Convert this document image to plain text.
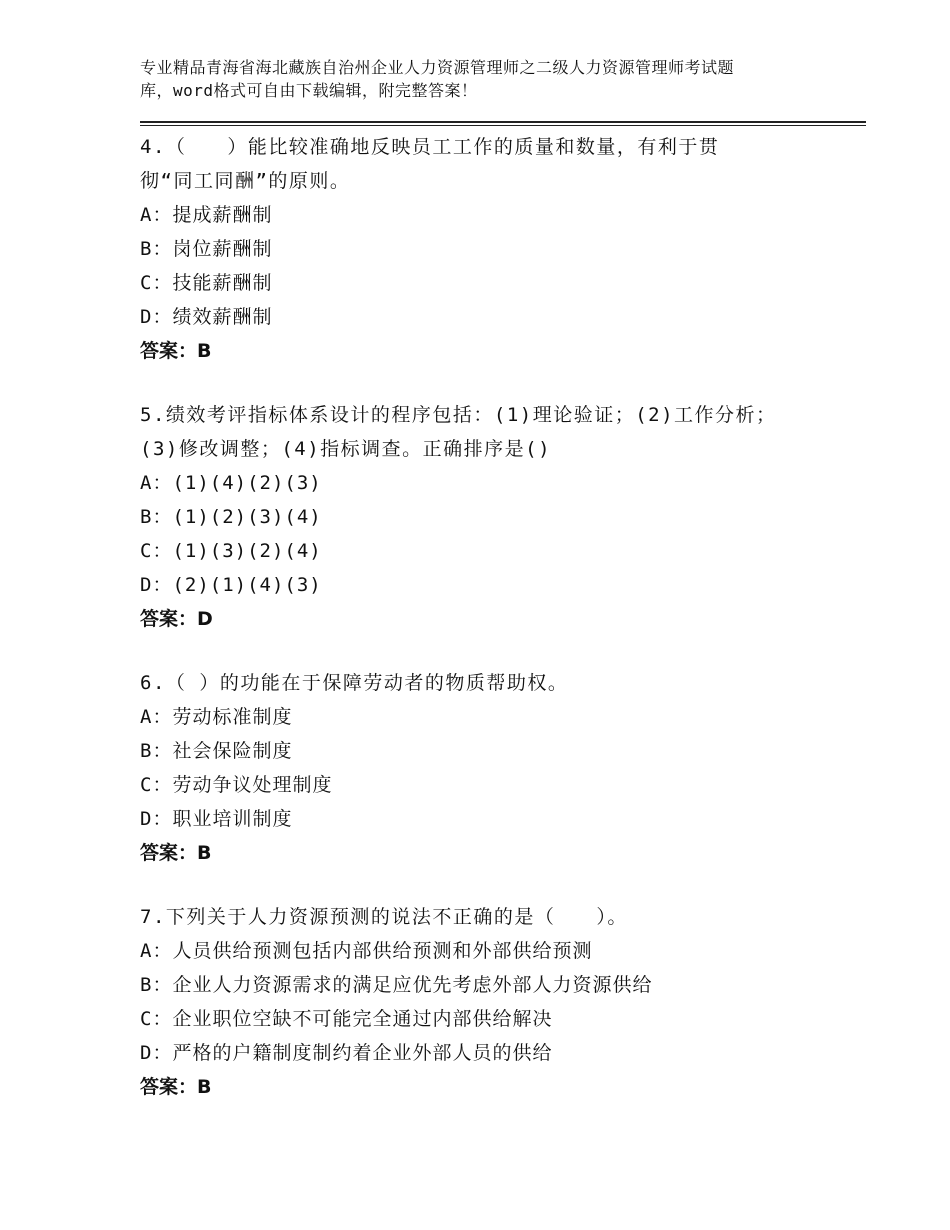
专业精品青海省海北藏族自治州企业人力资源管理师之二级人力资源管理师考试题
库，word格式可自由下载编辑，附完整答案！
4.（　　）能比较准确地反映员工工作的质量和数量，有利于贯
彻“同工同酬”的原则。
A：提成薪酬制
B：岗位薪酬制
C：技能薪酬制
D：绩效薪酬制
答案：B
5.绩效考评指标体系设计的程序包括：(1)理论验证；(2)工作分析；
(3)修改调整；(4)指标调查。正确排序是()
A：(1)(4)(2)(3)
B：(1)(2)(3)(4)
C：(1)(3)(2)(4)
D：(2)(1)(4)(3)
答案：D
6.（ ）的功能在于保障劳动者的物质帮助权。
A：劳动标准制度
B：社会保险制度
C：劳动争议处理制度
D：职业培训制度
答案：B
7.下列关于人力资源预测的说法不正确的是（　　）。
A：人员供给预测包括内部供给预测和外部供给预测
B：企业人力资源需求的满足应优先考虑外部人力资源供给
C：企业职位空缺不可能完全通过内部供给解决
D：严格的户籍制度制约着企业外部人员的供给
答案：B
